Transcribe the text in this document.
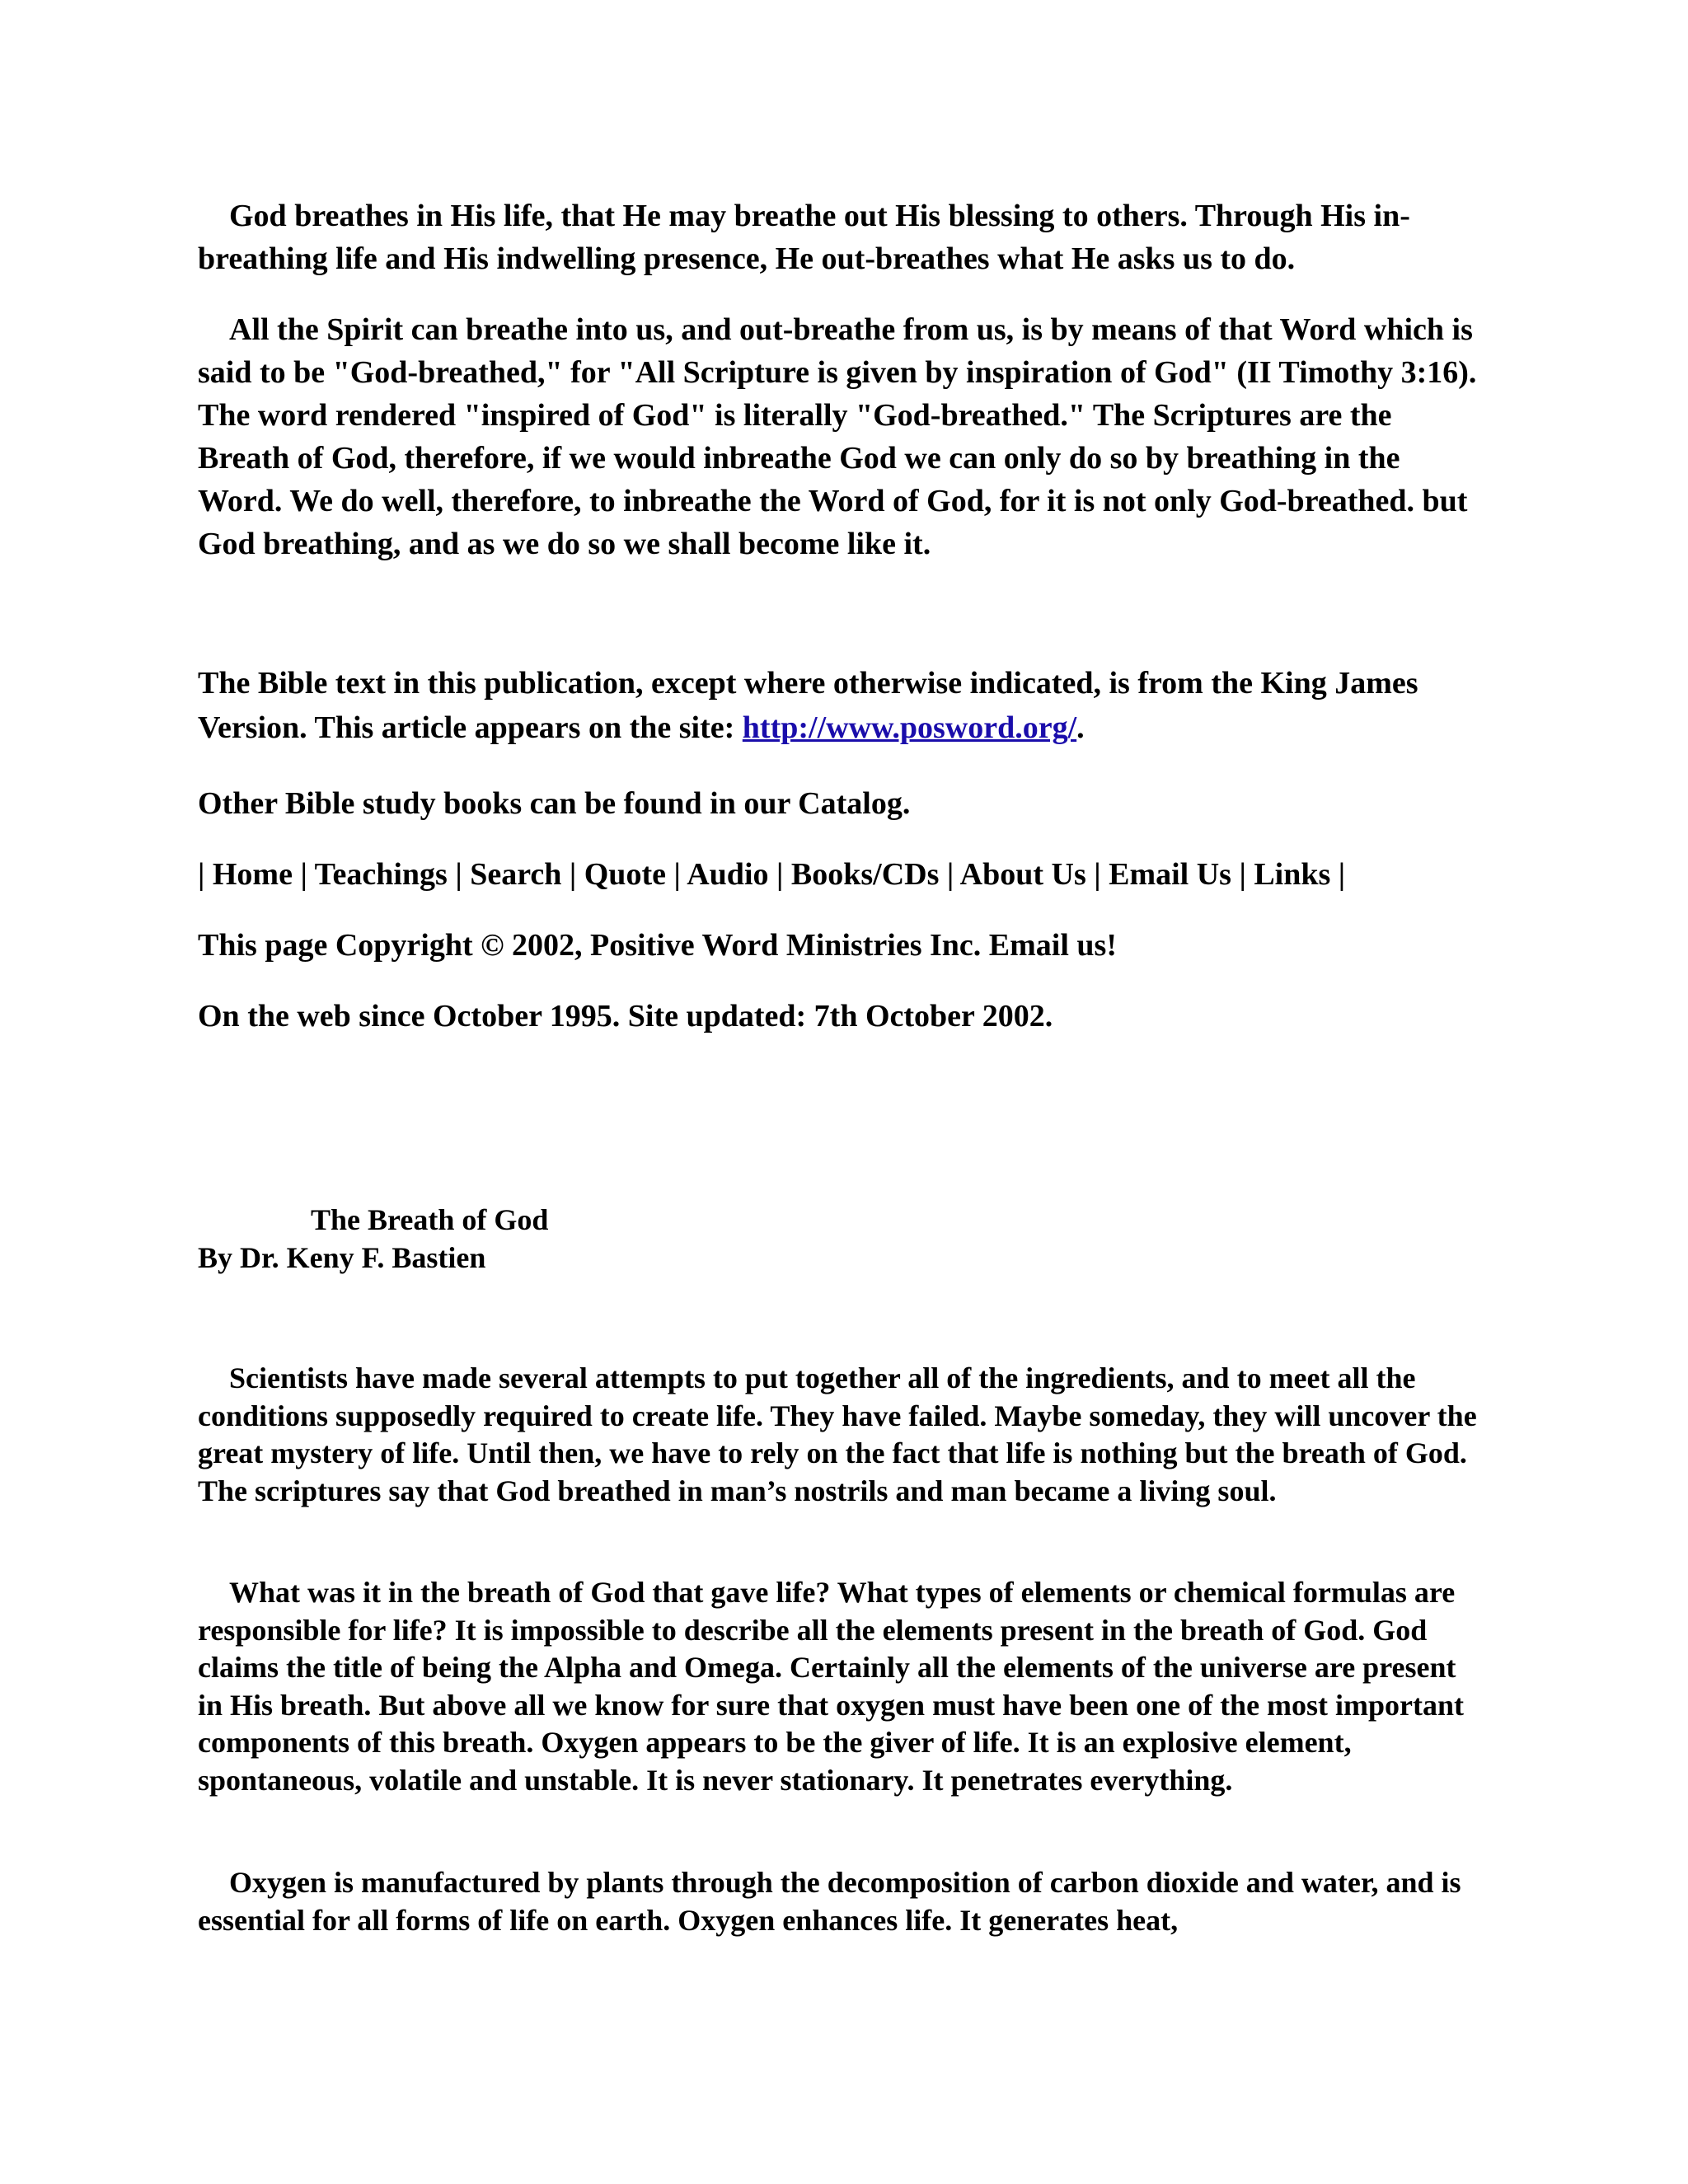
God breathes in His life, that He may breathe out His blessing to others. Through His in-breathing life and His indwelling presence, He out-breathes what He asks us to do.

All the Spirit can breathe into us, and out-breathe from us, is by means of that Word which is said to be "God-breathed," for "All Scripture is given by inspiration of God" (II Timothy 3:16). The word rendered "inspired of God" is literally "God-breathed." The Scriptures are the Breath of God, therefore, if we would inbreathe God we can only do so by breathing in the Word. We do well, therefore, to inbreathe the Word of God, for it is not only God-breathed. but God breathing, and as we do so we shall become like it.

The Bible text in this publication, except where otherwise indicated, is from the King James
Version. This article appears on the site: http://www.posword.org/.
Other Bible study books can be found in our Catalog.
| Home | Teachings | Search | Quote | Audio | Books/CDs | About Us | Email Us | Links |
This page Copyright © 2002, Positive Word Ministries Inc. Email us!
On the web since October 1995. Site updated: 7th October 2002.
The Breath of God
By Dr. Keny F. Bastien

Scientists have made several attempts to put together all of the ingredients, and to meet all the conditions supposedly required to create life. They have failed. Maybe someday, they will uncover the great mystery of life. Until then, we have to rely on the fact that life is nothing but the breath of God. The scriptures say that God breathed in man’s nostrils and man became a living soul.

What was it in the breath of God that gave life? What types of elements or chemical formulas are responsible for life? It is impossible to describe all the elements present in the breath of God. God claims the title of being the Alpha and Omega. Certainly all the elements of the universe are present in His breath. But above all we know for sure that oxygen must have been one of the most important components of this breath. Oxygen appears to be the giver of life. It is an explosive element, spontaneous, volatile and unstable. It is never stationary. It penetrates everything.

Oxygen is manufactured by plants through the decomposition of carbon dioxide and water, and is essential for all forms of life on earth. Oxygen enhances life. It generates heat,
